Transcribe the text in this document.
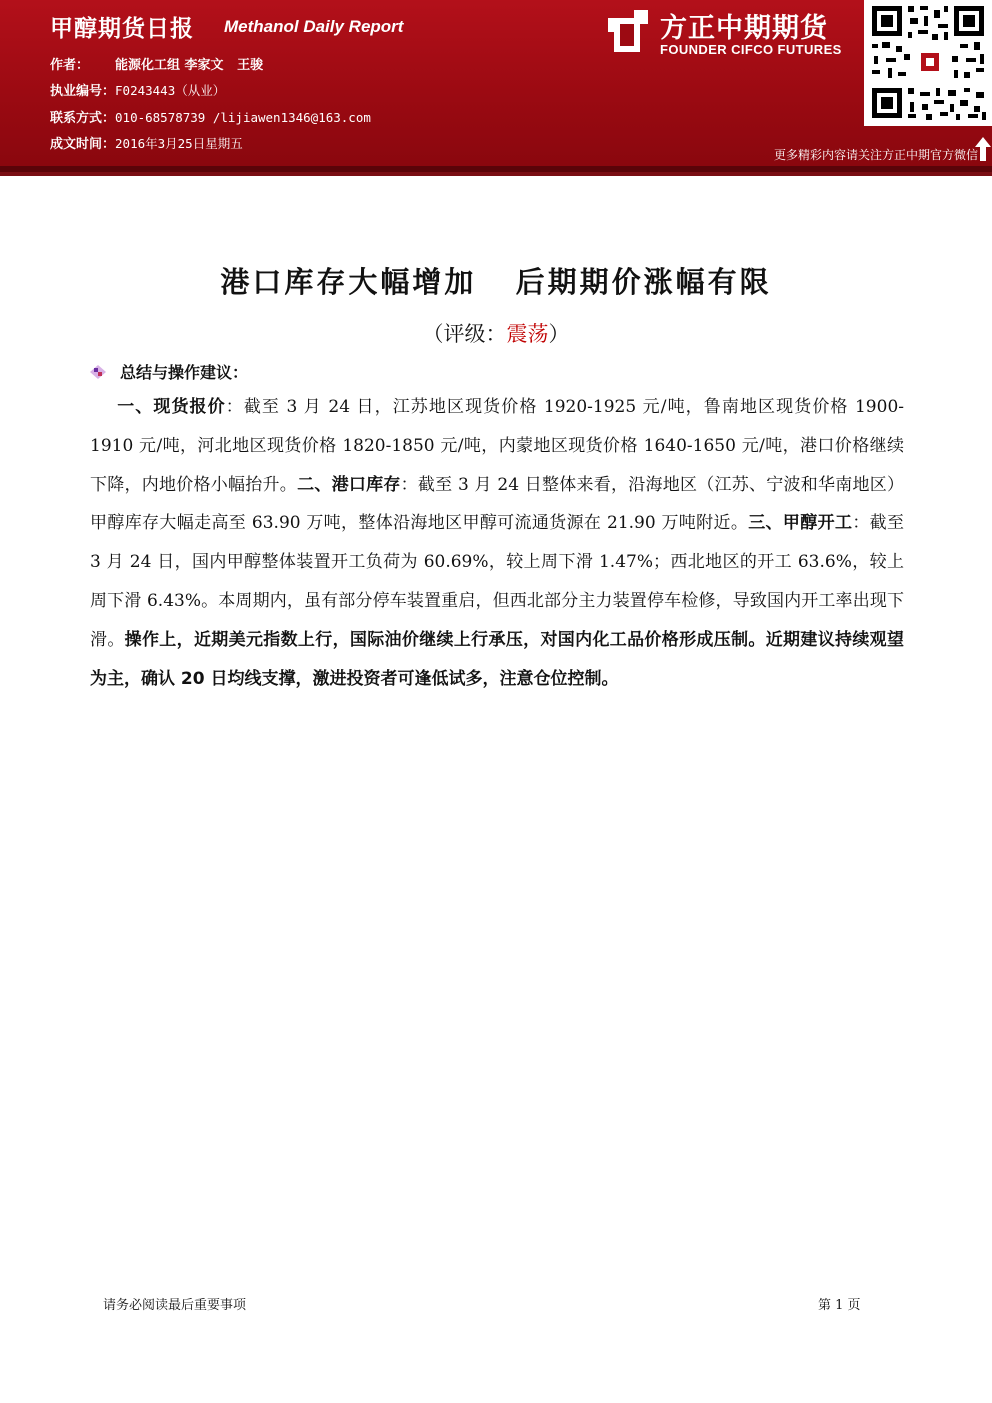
甲醇期货日报 Methanol Daily Report
作者： 能源化工组 李家文   王骏
执业编号：F0243443（从业）
联系方式：010-68578739 /lijiawen1346@163.com
成文时间：2016年3月25日星期五
方正中期期货
FOUNDER CIFCO FUTURES
更多精彩内容请关注方正中期官方微信
港口库存大幅增加   后期期价涨幅有限
（评级：震荡）
总结与操作建议：
一、现货报价：截至 3 月 24 日，江苏地区现货价格 1920-1925 元/吨，鲁南地区现货价格 1900-1910 元/吨，河北地区现货价格 1820-1850 元/吨，内蒙地区现货价格 1640-1650 元/吨，港口价格继续下降，内地价格小幅抬升。二、港口库存：截至 3 月 24 日整体来看，沿海地区（江苏、宁波和华南地区）甲醇库存大幅走高至 63.90 万吨，整体沿海地区甲醇可流通货源在 21.90 万吨附近。三、甲醇开工：截至 3 月 24 日，国内甲醇整体装置开工负荷为 60.69%，较上周下滑 1.47%；西北地区的开工 63.6%，较上周下滑 6.43%。本周期内，虽有部分停车装置重启，但西北部分主力装置停车检修，导致国内开工率出现下滑。操作上，近期美元指数上行，国际油价继续上行承压，对国内化工品价格形成压制。近期建议持续观望为主，确认 20 日均线支撑，激进投资者可逢低试多，注意仓位控制。
请务必阅读最后重要事项	第 1 页
